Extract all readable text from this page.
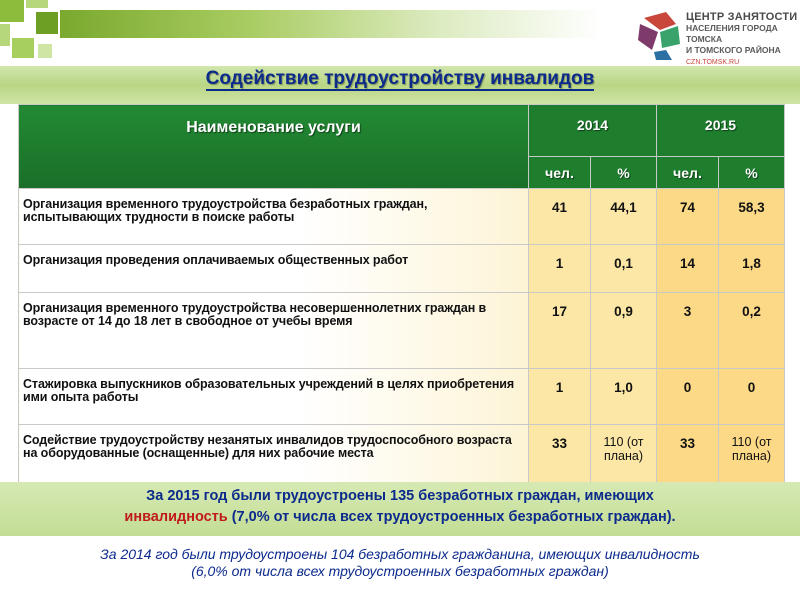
ЦЕНТР ЗАНЯТОСТИ
НАСЕЛЕНИЯ ГОРОДА ТОМСКА
И ТОМСКОГО РАЙОНА
CZN.TOMSK.RU
Содействие трудоустройству инвалидов
Наименование услуги	2014		2015	
	чел.	%	чел.	%
Организация временного трудоустройства безработных граждан, испытывающих трудности в поиске работы	41	44,1	74	58,3
Организация проведения оплачиваемых общественных работ	1	0,1	14	1,8
Организация временного трудоустройства несовершеннолетних граждан в возрасте от 14 до 18 лет в свободное от учебы время	17	0,9	3	0,2
Стажировка выпускников образовательных учреждений в целях приобретения ими опыта работы	1	1,0	0	0
Содействие трудоустройству незанятых инвалидов трудоспособного возраста на оборудованные (оснащенные) для них рабочие места	33	110 (от плана)	33	110 (от плана)
За 2015 год были трудоустроены 135 безработных граждан, имеющих
инвалидность (7,0% от числа всех трудоустроенных безработных граждан).
За 2014 год были трудоустроены 104 безработных гражданина, имеющих инвалидность
(6,0% от числа всех трудоустроенных безработных граждан)
